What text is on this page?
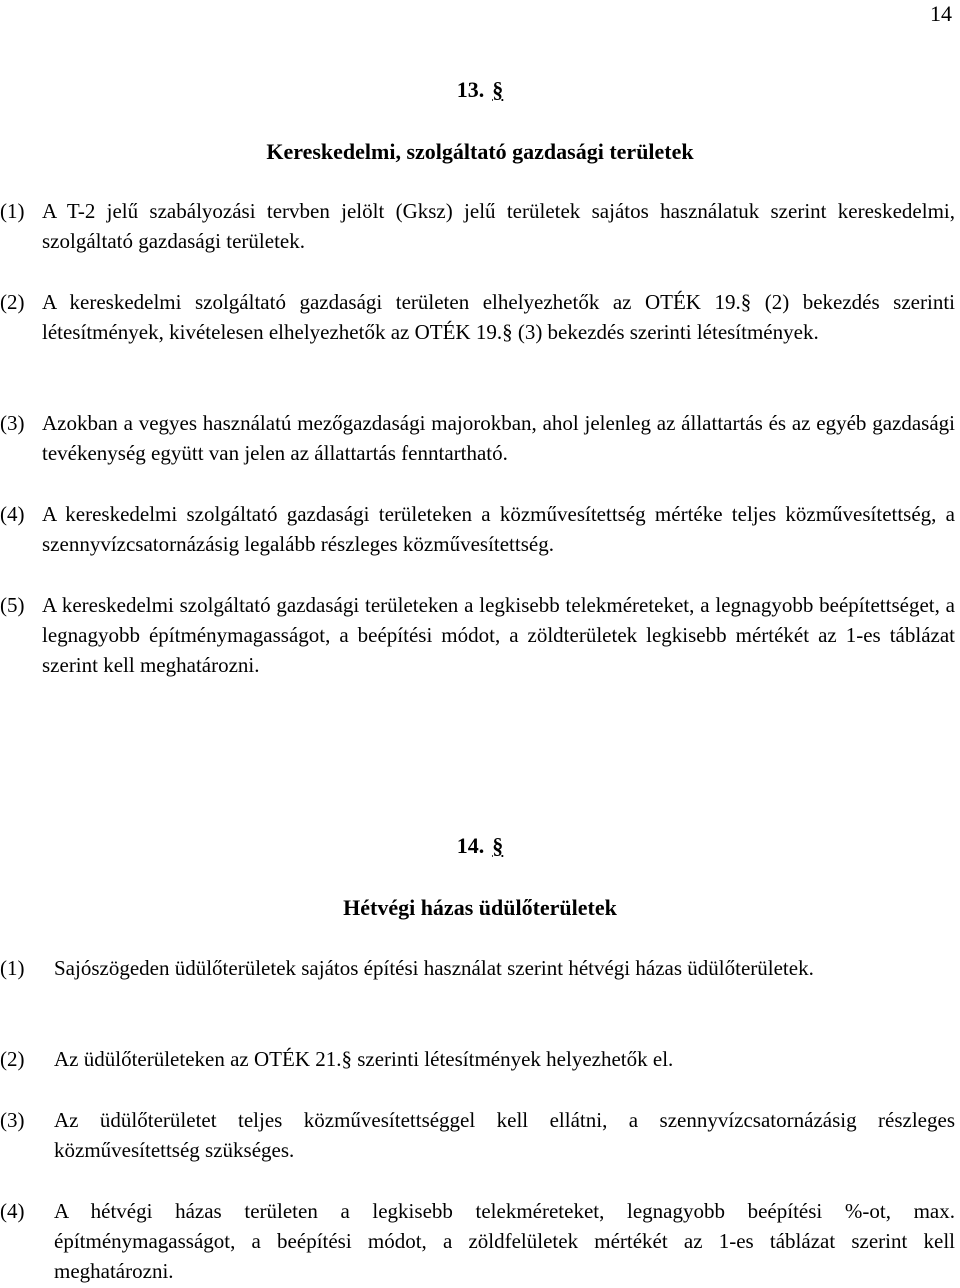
14
13. §
Kereskedelmi, szolgáltató gazdasági területek

(1) A T-2 jelű szabályozási tervben jelölt (Gksz) jelű területek sajátos használatuk szerint kereskedelmi, szolgáltató gazdasági területek.

(2) A kereskedelmi szolgáltató gazdasági területen elhelyezhetők az OTÉK 19.§ (2) bekezdés szerinti létesítmények, kivételesen elhelyezhetők az OTÉK 19.§ (3) bekezdés szerinti létesítmények.

(3) Azokban a vegyes használatú mezőgazdasági majorokban, ahol jelenleg az állattartás és az egyéb gazdasági tevékenység együtt van jelen az állattartás fenntartható.

(4) A kereskedelmi szolgáltató gazdasági területeken a közművesítettség mértéke teljes közművesítettség, a szennyvízcsatornázásig legalább részleges közművesítettség.

(5) A kereskedelmi szolgáltató gazdasági területeken a legkisebb telekméreteket, a legnagyobb beépítettséget, a legnagyobb építménymagasságot, a beépítési módot, a zöldterületek legkisebb mértékét az 1-es táblázat szerint kell meghatározni.

14. §
Hétvégi házas üdülőterületek

(1) Sajószögeden üdülőterületek sajátos építési használat szerint hétvégi házas üdülőterületek.

(2) Az üdülőterületeken az OTÉK 21.§ szerinti létesítmények helyezhetők el.

(3) Az üdülőterületet teljes közművesítettséggel kell ellátni, a szennyvízcsatornázásig részleges közművesítettség szükséges.

(4) A hétvégi házas területen a legkisebb telekméreteket, legnagyobb beépítési %-ot, max. építménymagasságot, a beépítési módot, a zöldfelületek mértékét az 1-es táblázat szerint kell meghatározni.
